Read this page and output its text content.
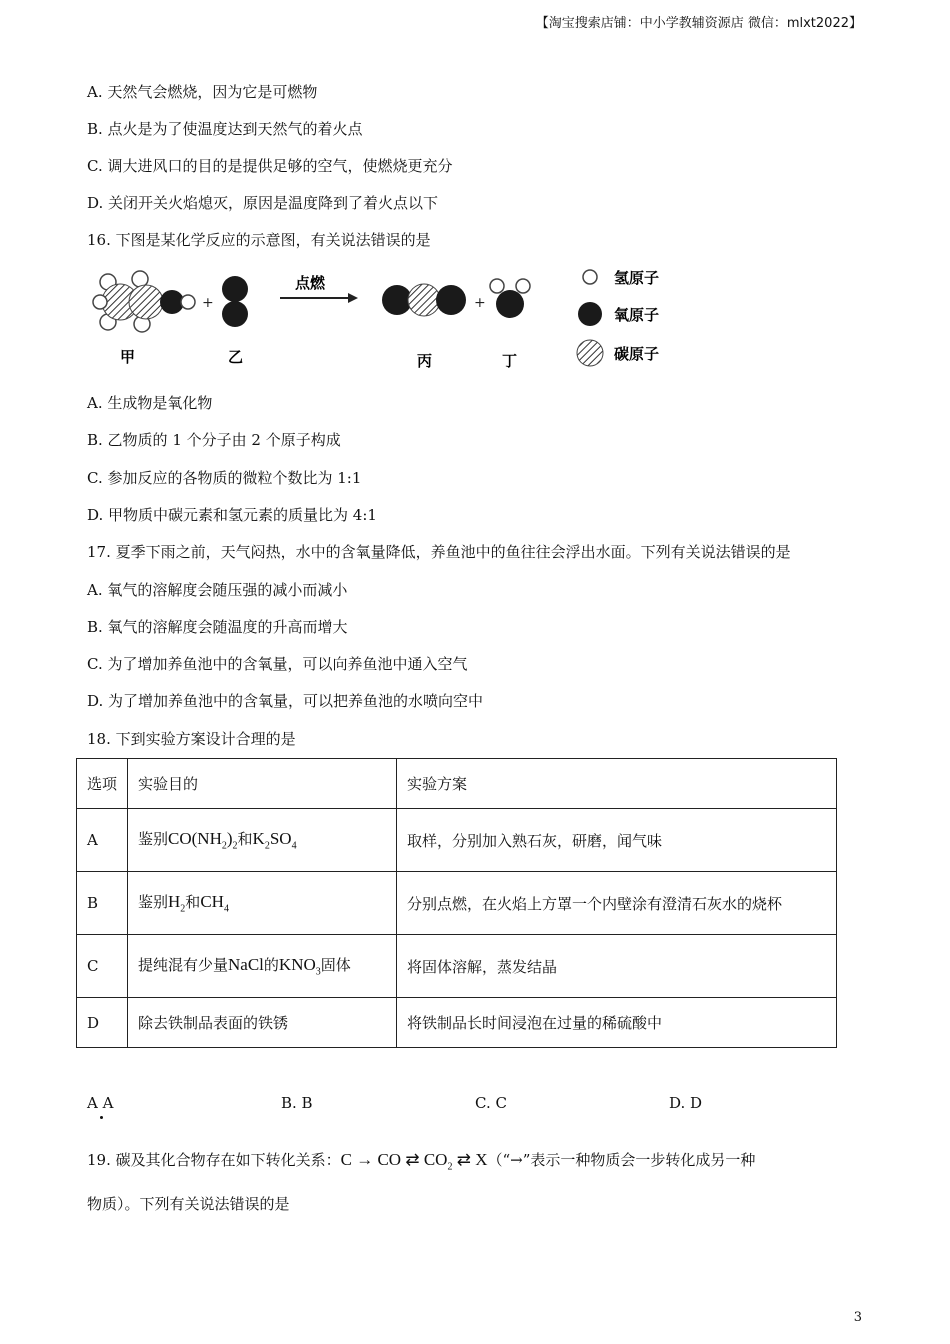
【淘宝搜索店铺：中小学教辅资源店 微信：mlxt2022】
A. 天然气会燃烧，因为它是可燃物
B. 点火是为了使温度达到天然气的着火点
C. 调大进风口的目的是提供足够的空气，使燃烧更充分
D. 关闭开关火焰熄灭，原因是温度降到了着火点以下
16. 下图是某化学反应的示意图，有关说法错误的是
+
点燃
+
甲	乙	丙	丁
氢原子
氧原子
碳原子
A. 生成物是氧化物
B. 乙物质的 1 个分子由 2 个原子构成
C. 参加反应的各物质的微粒个数比为 1:1
D. 甲物质中碳元素和氢元素的质量比为 4:1
17. 夏季下雨之前，天气闷热，水中的含氧量降低，养鱼池中的鱼往往会浮出水面。下列有关说法错误的是
A. 氧气的溶解度会随压强的减小而减小
B. 氧气的溶解度会随温度的升高而增大
C. 为了增加养鱼池中的含氧量，可以向养鱼池中通入空气
D. 为了增加养鱼池中的含氧量，可以把养鱼池的水喷向空中
18. 下到实验方案设计合理的是
选项	实验目的	实验方案
A	鉴别$CO(NH_2)_2$和$K_2SO_4$	取样，分别加入熟石灰，研磨，闻气味
B	鉴别$H_2$和$CH_4$	分别点燃，在火焰上方罩一个内壁涂有澄清石灰水的烧杯
C	提纯混有少量NaCl的$KNO_3$固体	将固体溶解，蒸发结晶
D	除去铁制品表面的铁锈	将铁制品长时间浸泡在过量的稀硫酸中
A A	B. B	C. C	D. D
19. 碳及其化合物存在如下转化关系：C → CO ⇄ $CO_2$ ⇄ X（“→”表示一种物质会一步转化成另一种
物质）。下列有关说法错误的是
3
